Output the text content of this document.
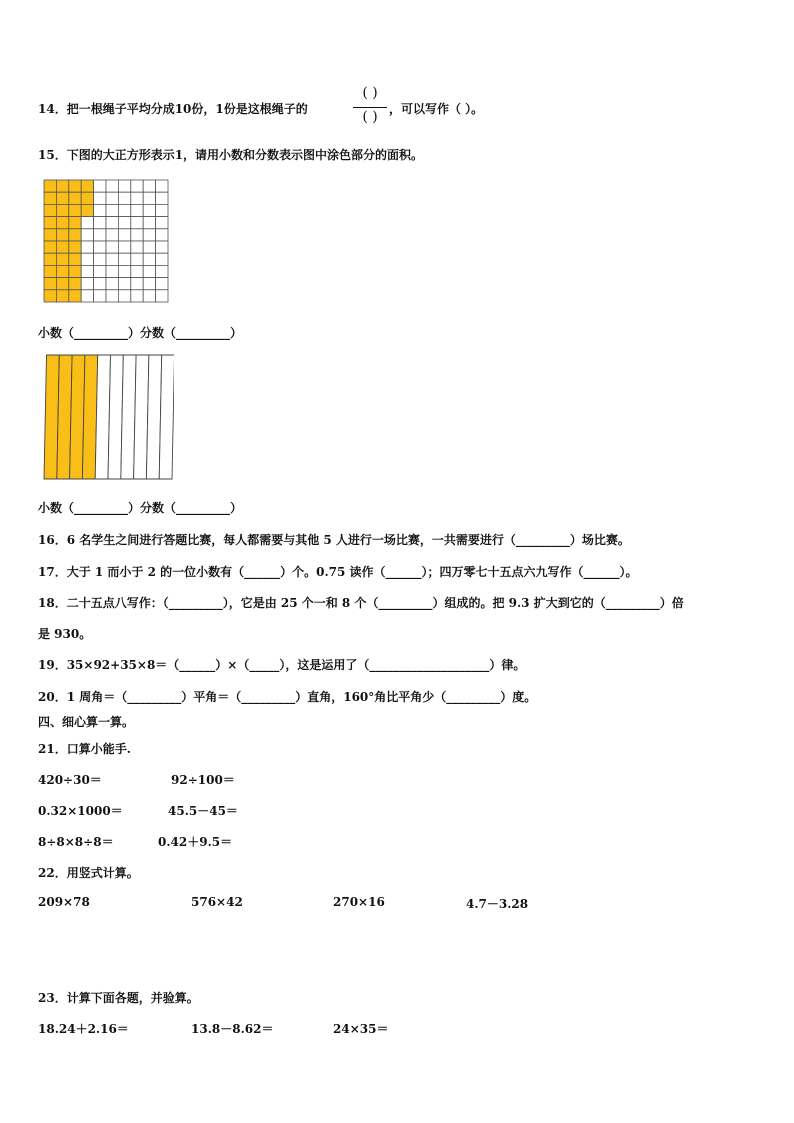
14．把一根绳子平均分成10份，1份是这根绳子的
( )
( ) ，可以写作（ ）。
15．下图的大正方形表示1，请用小数和分数表示图中涂色部分的面积。
小数（_________）分数（_________）
小数（_________）分数（_________）
16．6 名学生之间进行答题比赛，每人都需要与其他 5 人进行一场比赛，一共需要进行（_________）场比赛。
17．大于 1 而小于 2 的一位小数有（______）个。0.75 读作（______）；四万零七十五点六九写作（______）。
18．二十五点八写作：（_________），它是由 25 个一和 8 个（_________）组成的。把 9.3 扩大到它的（_________）倍
是 930。
19．35×92+35×8＝（______）×（_____），这是运用了（____________________）律。
20．1 周角＝（_________）平角＝（_________）直角，160°角比平角少（_________）度。
四、细心算一算。
21．口算小能手.
420÷30＝	92÷100＝
0.32×1000＝	45.5－45＝
8÷8×8÷8＝	0.42＋9.5＝
22．用竖式计算。
209×78	576×42	270×16	4.7－3.28
23．计算下面各题，并验算。
18.24＋2.16＝	13.8－8.62＝	24×35＝
